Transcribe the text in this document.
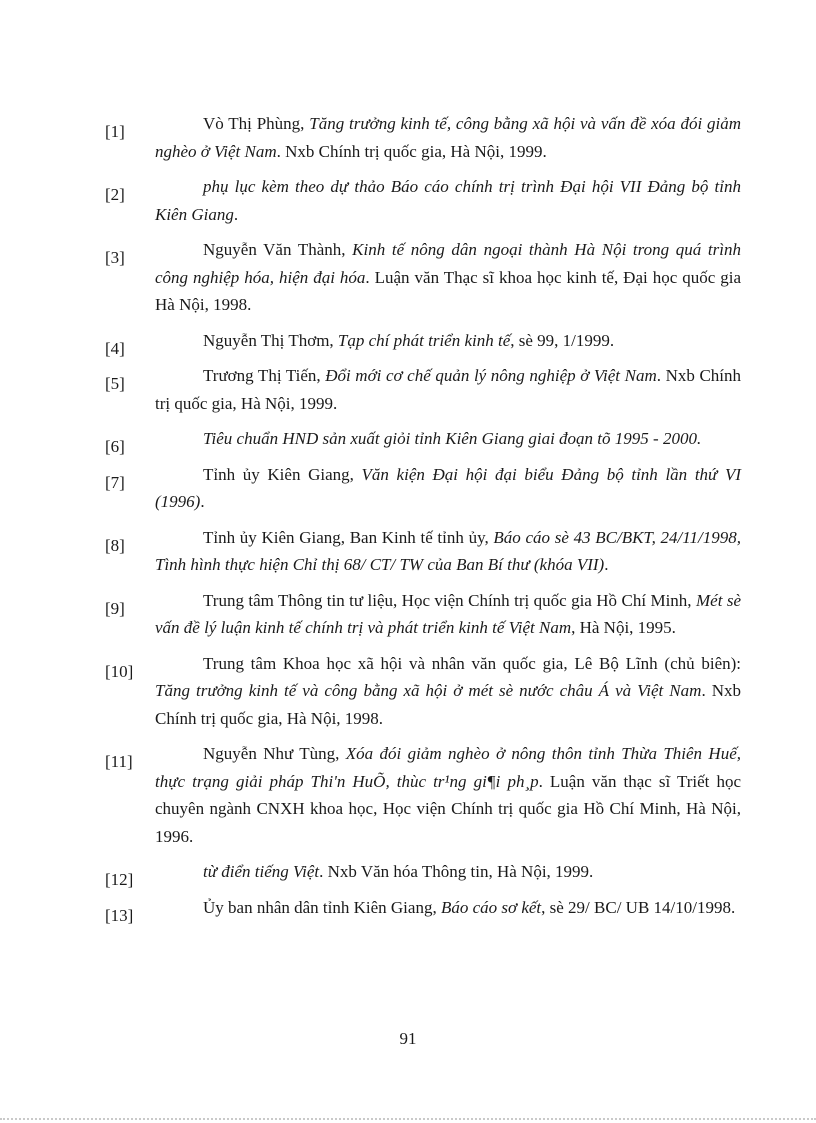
[1]	Vò Thị Phùng, Tăng trưởng kinh tế, công bằng xã hội và vấn đề xóa đói giảm nghèo ở Việt Nam. Nxb Chính trị quốc gia, Hà Nội, 1999.
[2]	phụ lục kèm theo dự thảo Báo cáo chính trị trình Đại hội VII Đảng bộ tỉnh Kiên Giang.
[3]	Nguyễn Văn Thành, Kinh tế nông dân ngoại thành Hà Nội trong quá trình công nghiệp hóa, hiện đại hóa. Luận văn Thạc sĩ khoa học kinh tế, Đại học quốc gia Hà Nội, 1998.
[4]	Nguyễn Thị Thơm, Tạp chí phát triển kinh tế, sè 99, 1/1999.
[5]	Trương Thị Tiến, Đổi mới cơ chế quản lý nông nghiệp ở Việt Nam. Nxb Chính trị quốc gia, Hà Nội, 1999.
[6]	Tiêu chuẩn HND sản xuất giỏi tỉnh Kiên Giang giai đoạn tõ 1995 - 2000.
[7]	Tỉnh ủy Kiên Giang, Văn kiện Đại hội đại biểu Đảng bộ tỉnh lần thứ VI (1996).
[8]	Tỉnh ủy Kiên Giang, Ban Kinh tế tỉnh ủy, Báo cáo sè 43 BC/BKT, 24/11/1998, Tình hình thực hiện Chỉ thị 68/ CT/ TW của Ban Bí thư (khóa VII).
[9]	Trung tâm Thông tin tư liệu, Học viện Chính trị quốc gia Hồ Chí Minh, Mét sè vấn đề lý luận kinh tế chính trị và phát triển kinh tế Việt Nam, Hà Nội, 1995.
[10]	Trung tâm Khoa học xã hội và nhân văn quốc gia, Lê Bộ Lĩnh (chủ biên): Tăng trưởng kinh tế và công bằng xã hội ở mét sè nước châu Á và Việt Nam. Nxb Chính trị quốc gia, Hà Nội, 1998.
[11]	Nguyễn Như Tùng, Xóa đói giảm nghèo ở nông thôn tỉnh Thừa Thiên Huế, thực trạng giải pháp Thi'n HuÕ, thùc tr¹ng gi¶i ph¸p. Luận văn thạc sĩ Triết học chuyên ngành CNXH khoa học, Học viện Chính trị quốc gia Hồ Chí Minh, Hà Nội, 1996.
[12]	từ điển tiếng Việt. Nxb Văn hóa Thông tin, Hà Nội, 1999.
[13]	Ủy ban nhân dân tỉnh Kiên Giang, Báo cáo sơ kết, sè 29/ BC/ UB 14/10/1998.
91
